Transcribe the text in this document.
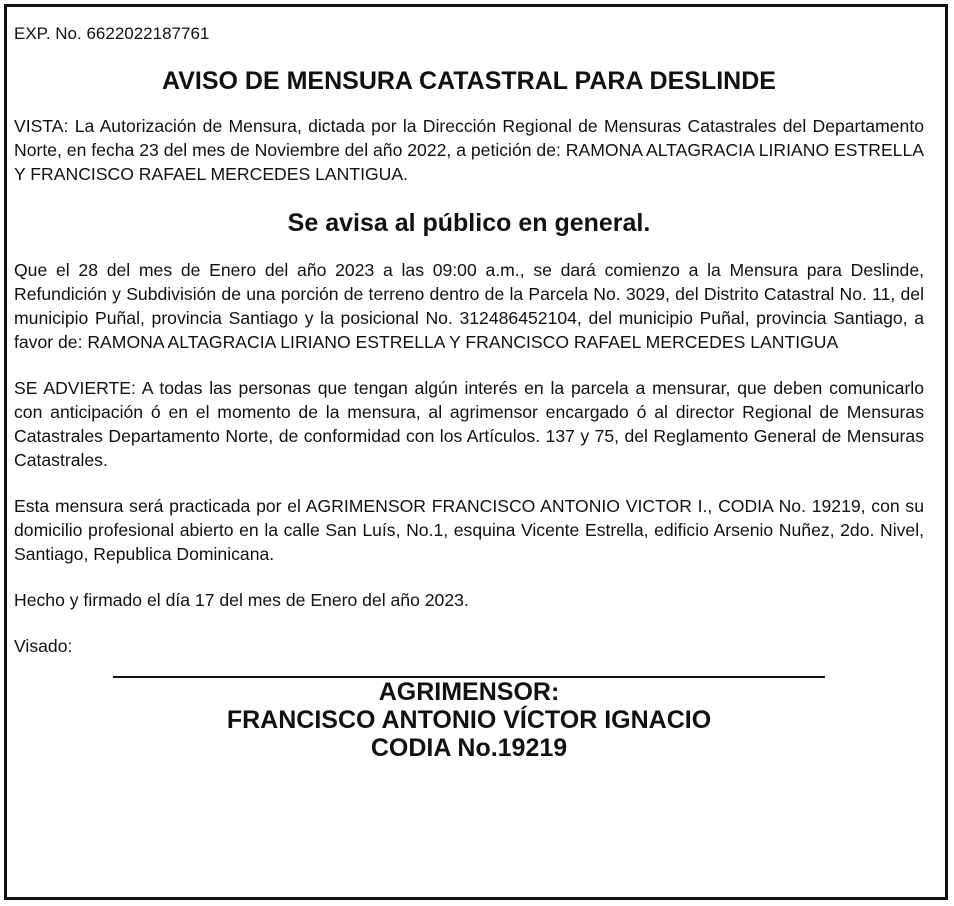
EXP. No. 6622022187761
AVISO DE MENSURA CATASTRAL PARA DESLINDE
VISTA: La Autorización de Mensura, dictada por la Dirección Regional de Mensuras Catastrales del Departamento Norte, en fecha 23 del mes de Noviembre del año 2022, a petición de: RAMONA ALTAGRACIA LIRIANO ESTRELLA Y FRANCISCO RAFAEL MERCEDES LANTIGUA.
Se avisa al público en general.
Que el 28 del mes de Enero del año 2023 a las 09:00 a.m., se dará comienzo a la Mensura para Deslinde, Refundición y Subdivisión de una porción de terreno dentro de la Parcela No. 3029, del Distrito Catastral No. 11, del municipio Puñal, provincia Santiago y la posicional No. 312486452104, del municipio Puñal, provincia Santiago, a favor de: RAMONA ALTAGRACIA LIRIANO ESTRELLA Y FRANCISCO RAFAEL MERCEDES LANTIGUA
SE ADVIERTE: A todas las personas que tengan algún interés en la parcela a mensurar, que deben comunicarlo con anticipación ó en el momento de la mensura, al agrimensor encargado ó al director Regional de Mensuras Catastrales Departamento Norte, de conformidad con los Artículos. 137 y 75, del Reglamento General de Mensuras Catastrales.
Esta mensura será practicada por el AGRIMENSOR FRANCISCO ANTONIO VICTOR I., CODIA No. 19219, con su domicilio profesional abierto en la calle San Luís, No.1, esquina Vicente Estrella, edificio Arsenio Nuñez, 2do. Nivel, Santiago, Republica Dominicana.
Hecho y firmado el día 17 del mes de Enero del año 2023.
Visado:
AGRIMENSOR:
FRANCISCO ANTONIO VÍCTOR IGNACIO
CODIA No.19219
